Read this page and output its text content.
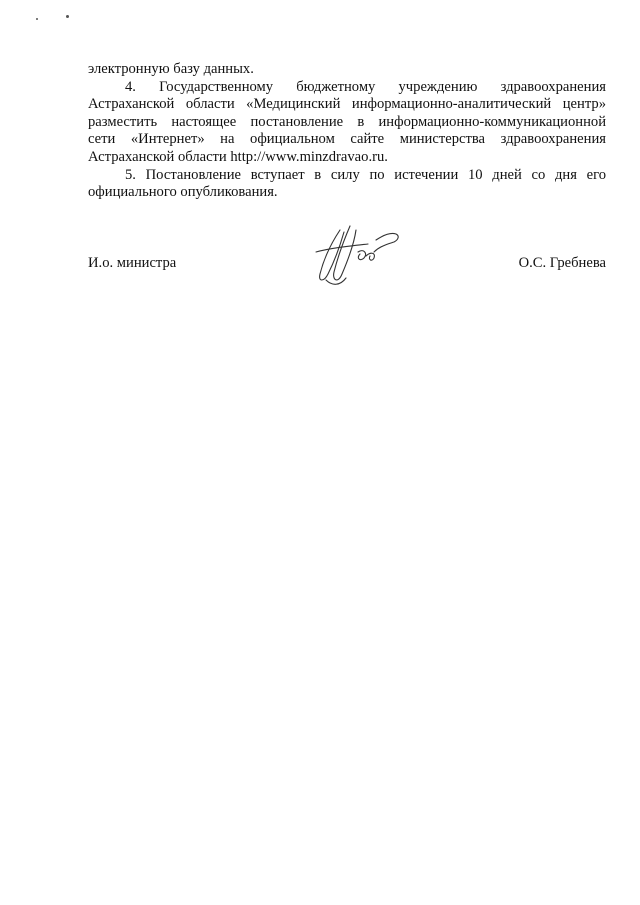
электронную базу данных.
4. Государственному бюджетному учреждению здравоохранения
Астраханской области «Медицинский информационно-аналитический центр»
разместить настоящее постановление в информационно-коммуникационной
сети «Интернет» на официальном сайте министерства здравоохранения
Астраханской области http://www.minzdravao.ru.
5. Постановление вступает в силу по истечении 10 дней со дня его
официального опубликования.
И.о. министра	О.С. Гребнева
